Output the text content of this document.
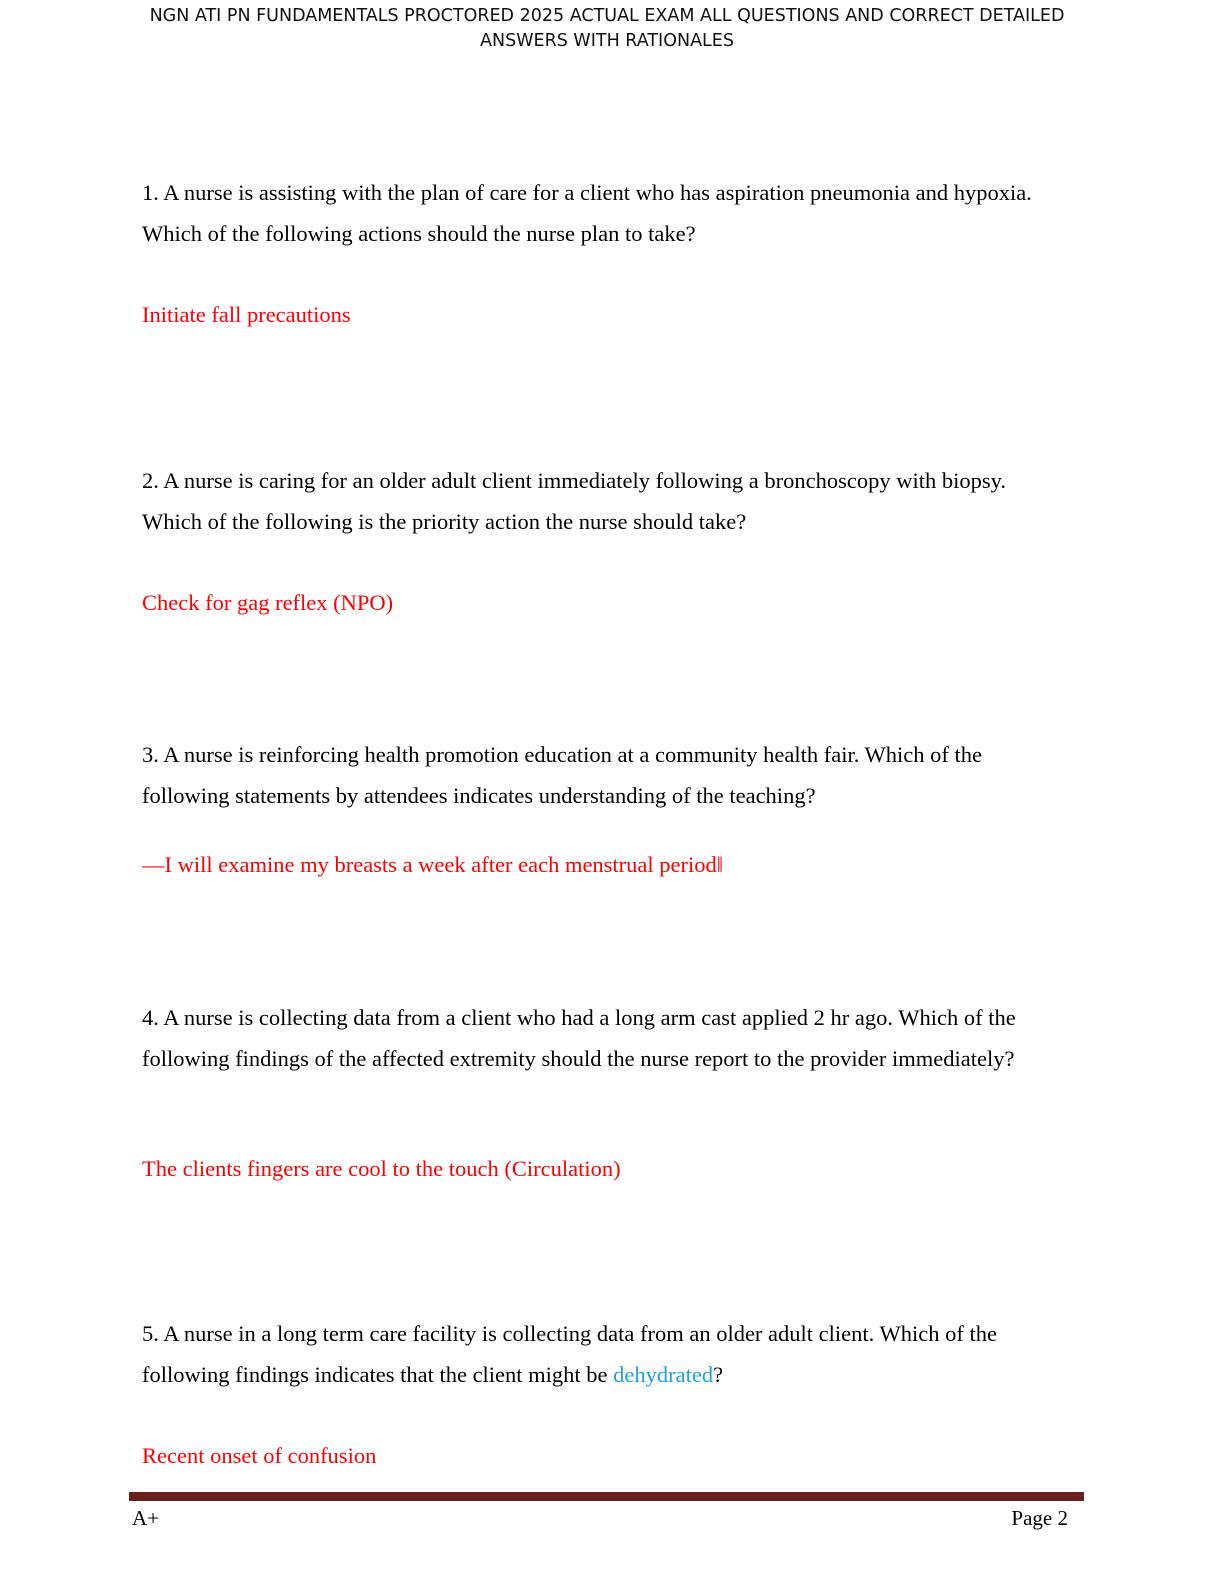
NGN ATI PN FUNDAMENTALS PROCTORED 2025 ACTUAL EXAM ALL QUESTIONS AND CORRECT DETAILED
ANSWERS WITH RATIONALES
1. A nurse is assisting with the plan of care for a client who has aspiration pneumonia and hypoxia. Which of the following actions should the nurse plan to take?
Initiate fall precautions
2. A nurse is caring for an older adult client immediately following a bronchoscopy with biopsy. Which of the following is the priority action the nurse should take?
Check for gag reflex (NPO)
3. A nurse is reinforcing health promotion education at a community health fair. Which of the following statements by attendees indicates understanding of the teaching?
—I will examine my breasts a week after each menstrual period‖
4. A nurse is collecting data from a client who had a long arm cast applied 2 hr ago. Which of the following findings of the affected extremity should the nurse report to the provider immediately?
The clients fingers are cool to the touch (Circulation)
5. A nurse in a long term care facility is collecting data from an older adult client. Which of the following findings indicates that the client might be dehydrated?
Recent onset of confusion
A+	Page 2
